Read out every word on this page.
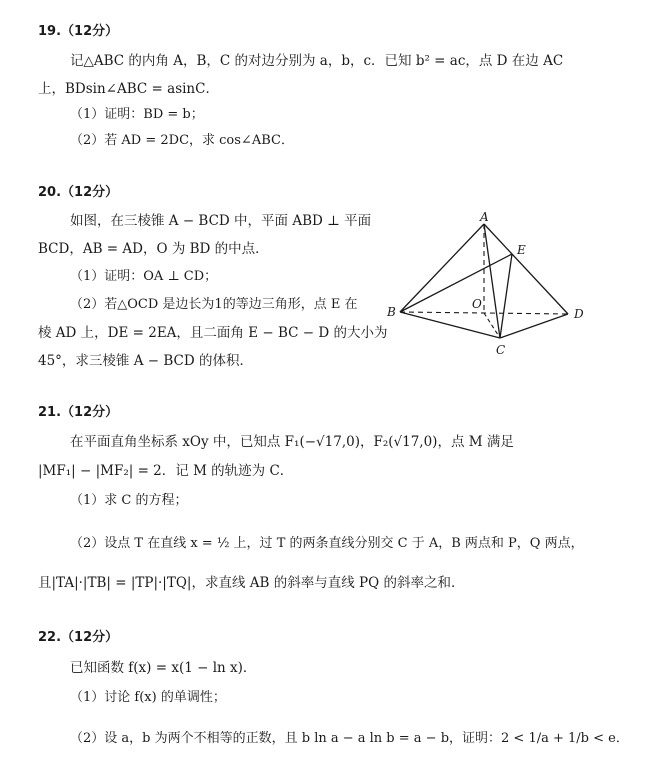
19.（12分）
记△ABC 的内角 A，B，C 的对边分别为 a，b，c．已知 b² = ac，点 D 在边 AC
上，BDsin∠ABC = asinC．
（1）证明：BD = b；
（2）若 AD = 2DC，求 cos∠ABC．
20.（12分）
如图，在三棱锥 A − BCD 中，平面 ABD ⊥ 平面
BCD，AB = AD，O 为 BD 的中点．
（1）证明：OA ⊥ CD；
（2）若△OCD 是边长为1的等边三角形，点 E 在
棱 AD 上，DE = 2EA，且二面角 E − BC − D 的大小为
45°，求三棱锥 A − BCD 的体积．
A
B
C
D
E
O
21.（12分）
在平面直角坐标系 xOy 中，已知点 F₁(−√17,0)，F₂(√17,0)，点 M 满足
|MF₁| − |MF₂| = 2．记 M 的轨迹为 C．
（1）求 C 的方程；
（2）设点 T 在直线 x = ½ 上，过 T 的两条直线分别交 C 于 A，B 两点和 P，Q 两点，
且|TA|·|TB| = |TP|·|TQ|，求直线 AB 的斜率与直线 PQ 的斜率之和．
22.（12分）
已知函数 f(x) = x(1 − ln x)．
（1）讨论 f(x) 的单调性；
（2）设 a，b 为两个不相等的正数，且 b ln a − a ln b = a − b，证明：2 < 1/a + 1/b < e．
